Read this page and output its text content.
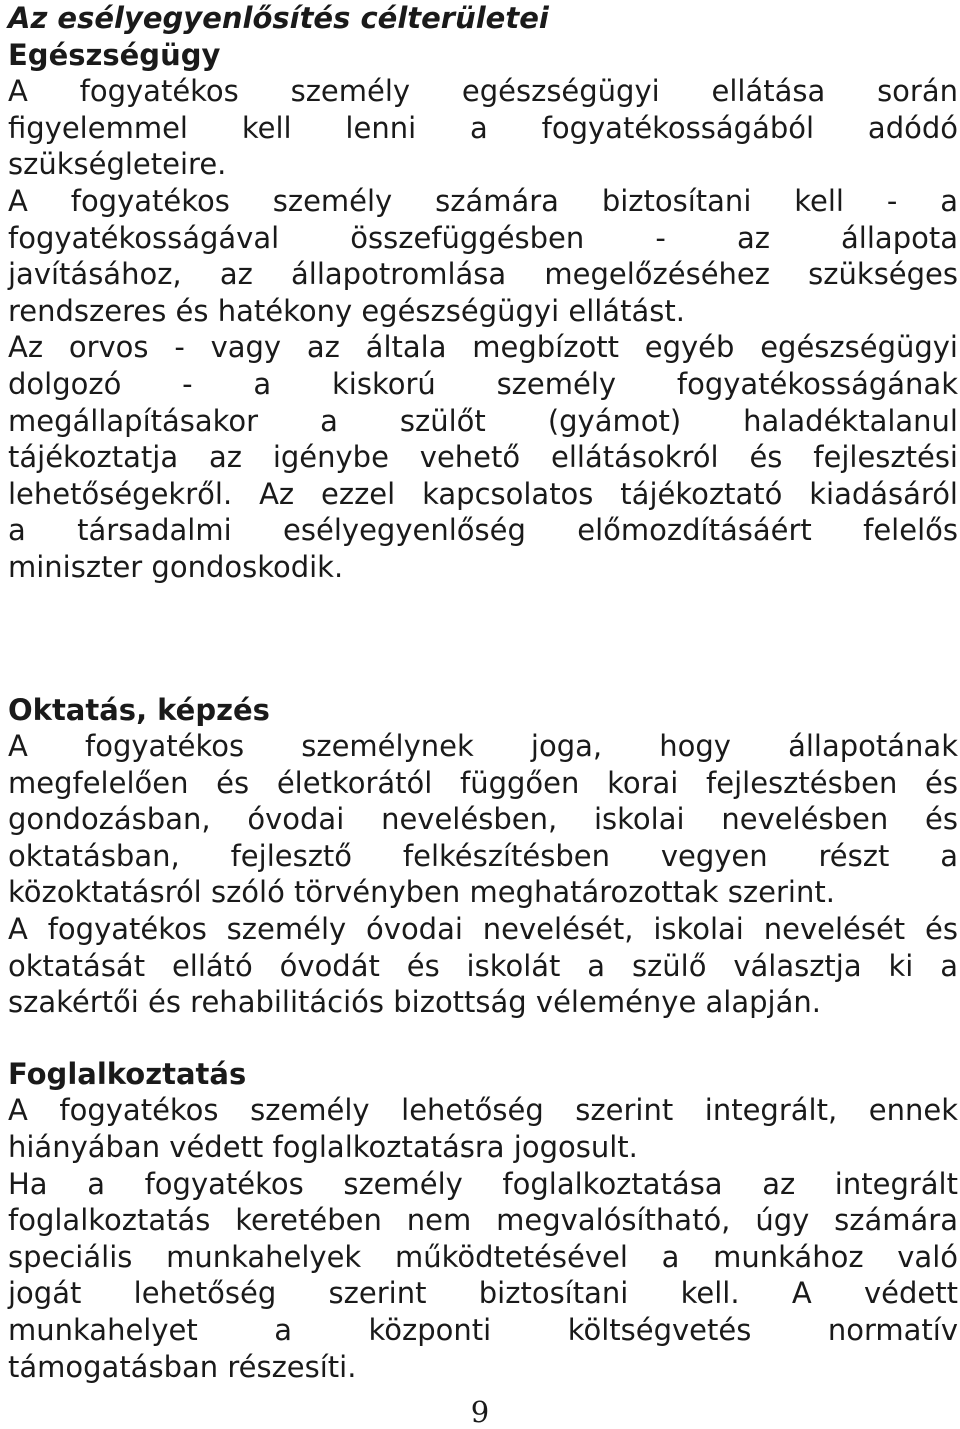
Az esélyegyenlősítés célterületei
Egészségügy
A fogyatékos személy egészségügyi ellátása során
figyelemmel kell lenni a fogyatékosságából adódó
szükségleteire.
A fogyatékos személy számára biztosítani kell - a
fogyatékosságával összefüggésben - az állapota
javításához, az állapotromlása megelőzéséhez szükséges
rendszeres és hatékony egészségügyi ellátást.
Az orvos - vagy az általa megbízott egyéb egészségügyi
dolgozó - a kiskorú személy fogyatékosságának
megállapításakor a szülőt (gyámot) haladéktalanul
tájékoztatja az igénybe vehető ellátásokról és fejlesztési
lehetőségekről. Az ezzel kapcsolatos tájékoztató kiadásáról
a társadalmi esélyegyenlőség előmozdításáért felelős
miniszter gondoskodik.
Oktatás, képzés
A fogyatékos személynek joga, hogy állapotának
megfelelően és életkorától függően korai fejlesztésben és
gondozásban, óvodai nevelésben, iskolai nevelésben és
oktatásban, fejlesztő felkészítésben vegyen részt a
közoktatásról szóló törvényben meghatározottak szerint.
A fogyatékos személy óvodai nevelését, iskolai nevelését és
oktatását ellátó óvodát és iskolát a szülő választja ki a
szakértői és rehabilitációs bizottság véleménye alapján.
Foglalkoztatás
A fogyatékos személy lehetőség szerint integrált, ennek
hiányában védett foglalkoztatásra jogosult.
Ha a fogyatékos személy foglalkoztatása az integrált
foglalkoztatás keretében nem megvalósítható, úgy számára
speciális munkahelyek működtetésével a munkához való
jogát lehetőség szerint biztosítani kell. A védett
munkahelyet a központi költségvetés normatív
támogatásban részesíti.
9
